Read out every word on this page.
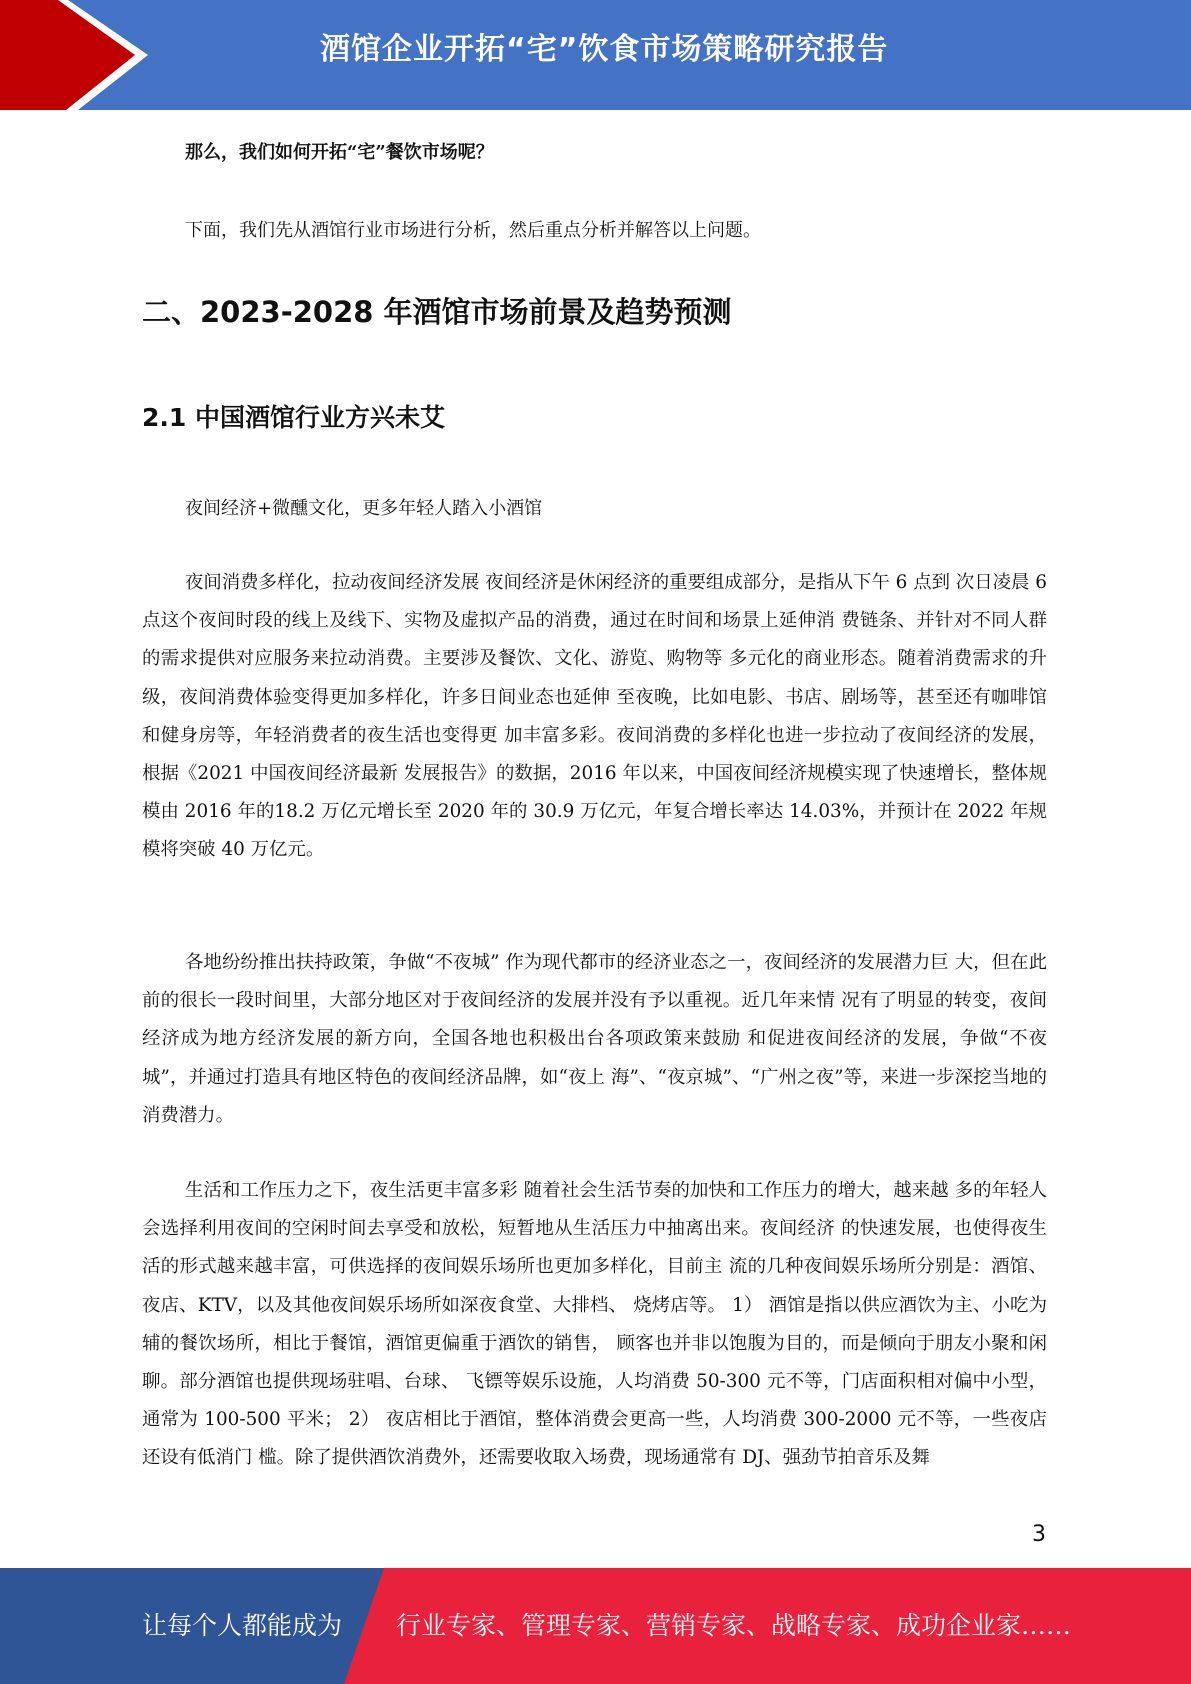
酒馆企业开拓“宅”饮食市场策略研究报告
那么，我们如何开拓“宅”餐饮市场呢？
下面，我们先从酒馆行业市场进行分析，然后重点分析并解答以上问题。
二、2023-2028 年酒馆市场前景及趋势预测
2.1 中国酒馆行业方兴未艾
夜间经济+微醺文化，更多年轻人踏入小酒馆
夜间消费多样化，拉动夜间经济发展 夜间经济是休闲经济的重要组成部分，是指从下午 6 点到 次日凌晨 6 点这个夜间时段的线上及线下、实物及虚拟产品的消费，通过在时间和场景上延伸消 费链条、并针对不同人群的需求提供对应服务来拉动消费。主要涉及餐饮、文化、游览、购物等 多元化的商业形态。随着消费需求的升级，夜间消费体验变得更加多样化，许多日间业态也延伸 至夜晚，比如电影、书店、剧场等，甚至还有咖啡馆和健身房等，年轻消费者的夜生活也变得更 加丰富多彩。夜间消费的多样化也进一步拉动了夜间经济的发展，根据《2021 中国夜间经济最新 发展报告》的数据，2016 年以来，中国夜间经济规模实现了快速增长，整体规模由 2016 年的18.2 万亿元增长至 2020 年的 30.9 万亿元，年复合增长率达 14.03%，并预计在 2022 年规模将突破 40 万亿元。
各地纷纷推出扶持政策，争做“不夜城” 作为现代都市的经济业态之一，夜间经济的发展潜力巨 大，但在此前的很长一段时间里，大部分地区对于夜间经济的发展并没有予以重视。近几年来情 况有了明显的转变，夜间经济成为地方经济发展的新方向，全国各地也积极出台各项政策来鼓励 和促进夜间经济的发展，争做“不夜城”，并通过打造具有地区特色的夜间经济品牌，如“夜上 海”、“夜京城”、“广州之夜”等，来进一步深挖当地的消费潜力。
生活和工作压力之下，夜生活更丰富多彩 随着社会生活节奏的加快和工作压力的增大，越来越 多的年轻人会选择利用夜间的空闲时间去享受和放松，短暂地从生活压力中抽离出来。夜间经济 的快速发展，也使得夜生活的形式越来越丰富，可供选择的夜间娱乐场所也更加多样化，目前主 流的几种夜间娱乐场所分别是：酒馆、夜店、KTV，以及其他夜间娱乐场所如深夜食堂、大排档、 烧烤店等。 1） 酒馆是指以供应酒饮为主、小吃为辅的餐饮场所，相比于餐馆，酒馆更偏重于酒饮的销售， 顾客也并非以饱腹为目的，而是倾向于朋友小聚和闲聊。部分酒馆也提供现场驻唱、台球、 飞镖等娱乐设施，人均消费 50-300 元不等，门店面积相对偏中小型，通常为 100-500 平米； 2） 夜店相比于酒馆，整体消费会更高一些，人均消费 300-2000 元不等，一些夜店还设有低消门 槛。除了提供酒饮消费外，还需要收取入场费，现场通常有 DJ、强劲节拍音乐及舞
3
让每个人都能成为 行业专家、管理专家、营销专家、战略专家、成功企业家……
